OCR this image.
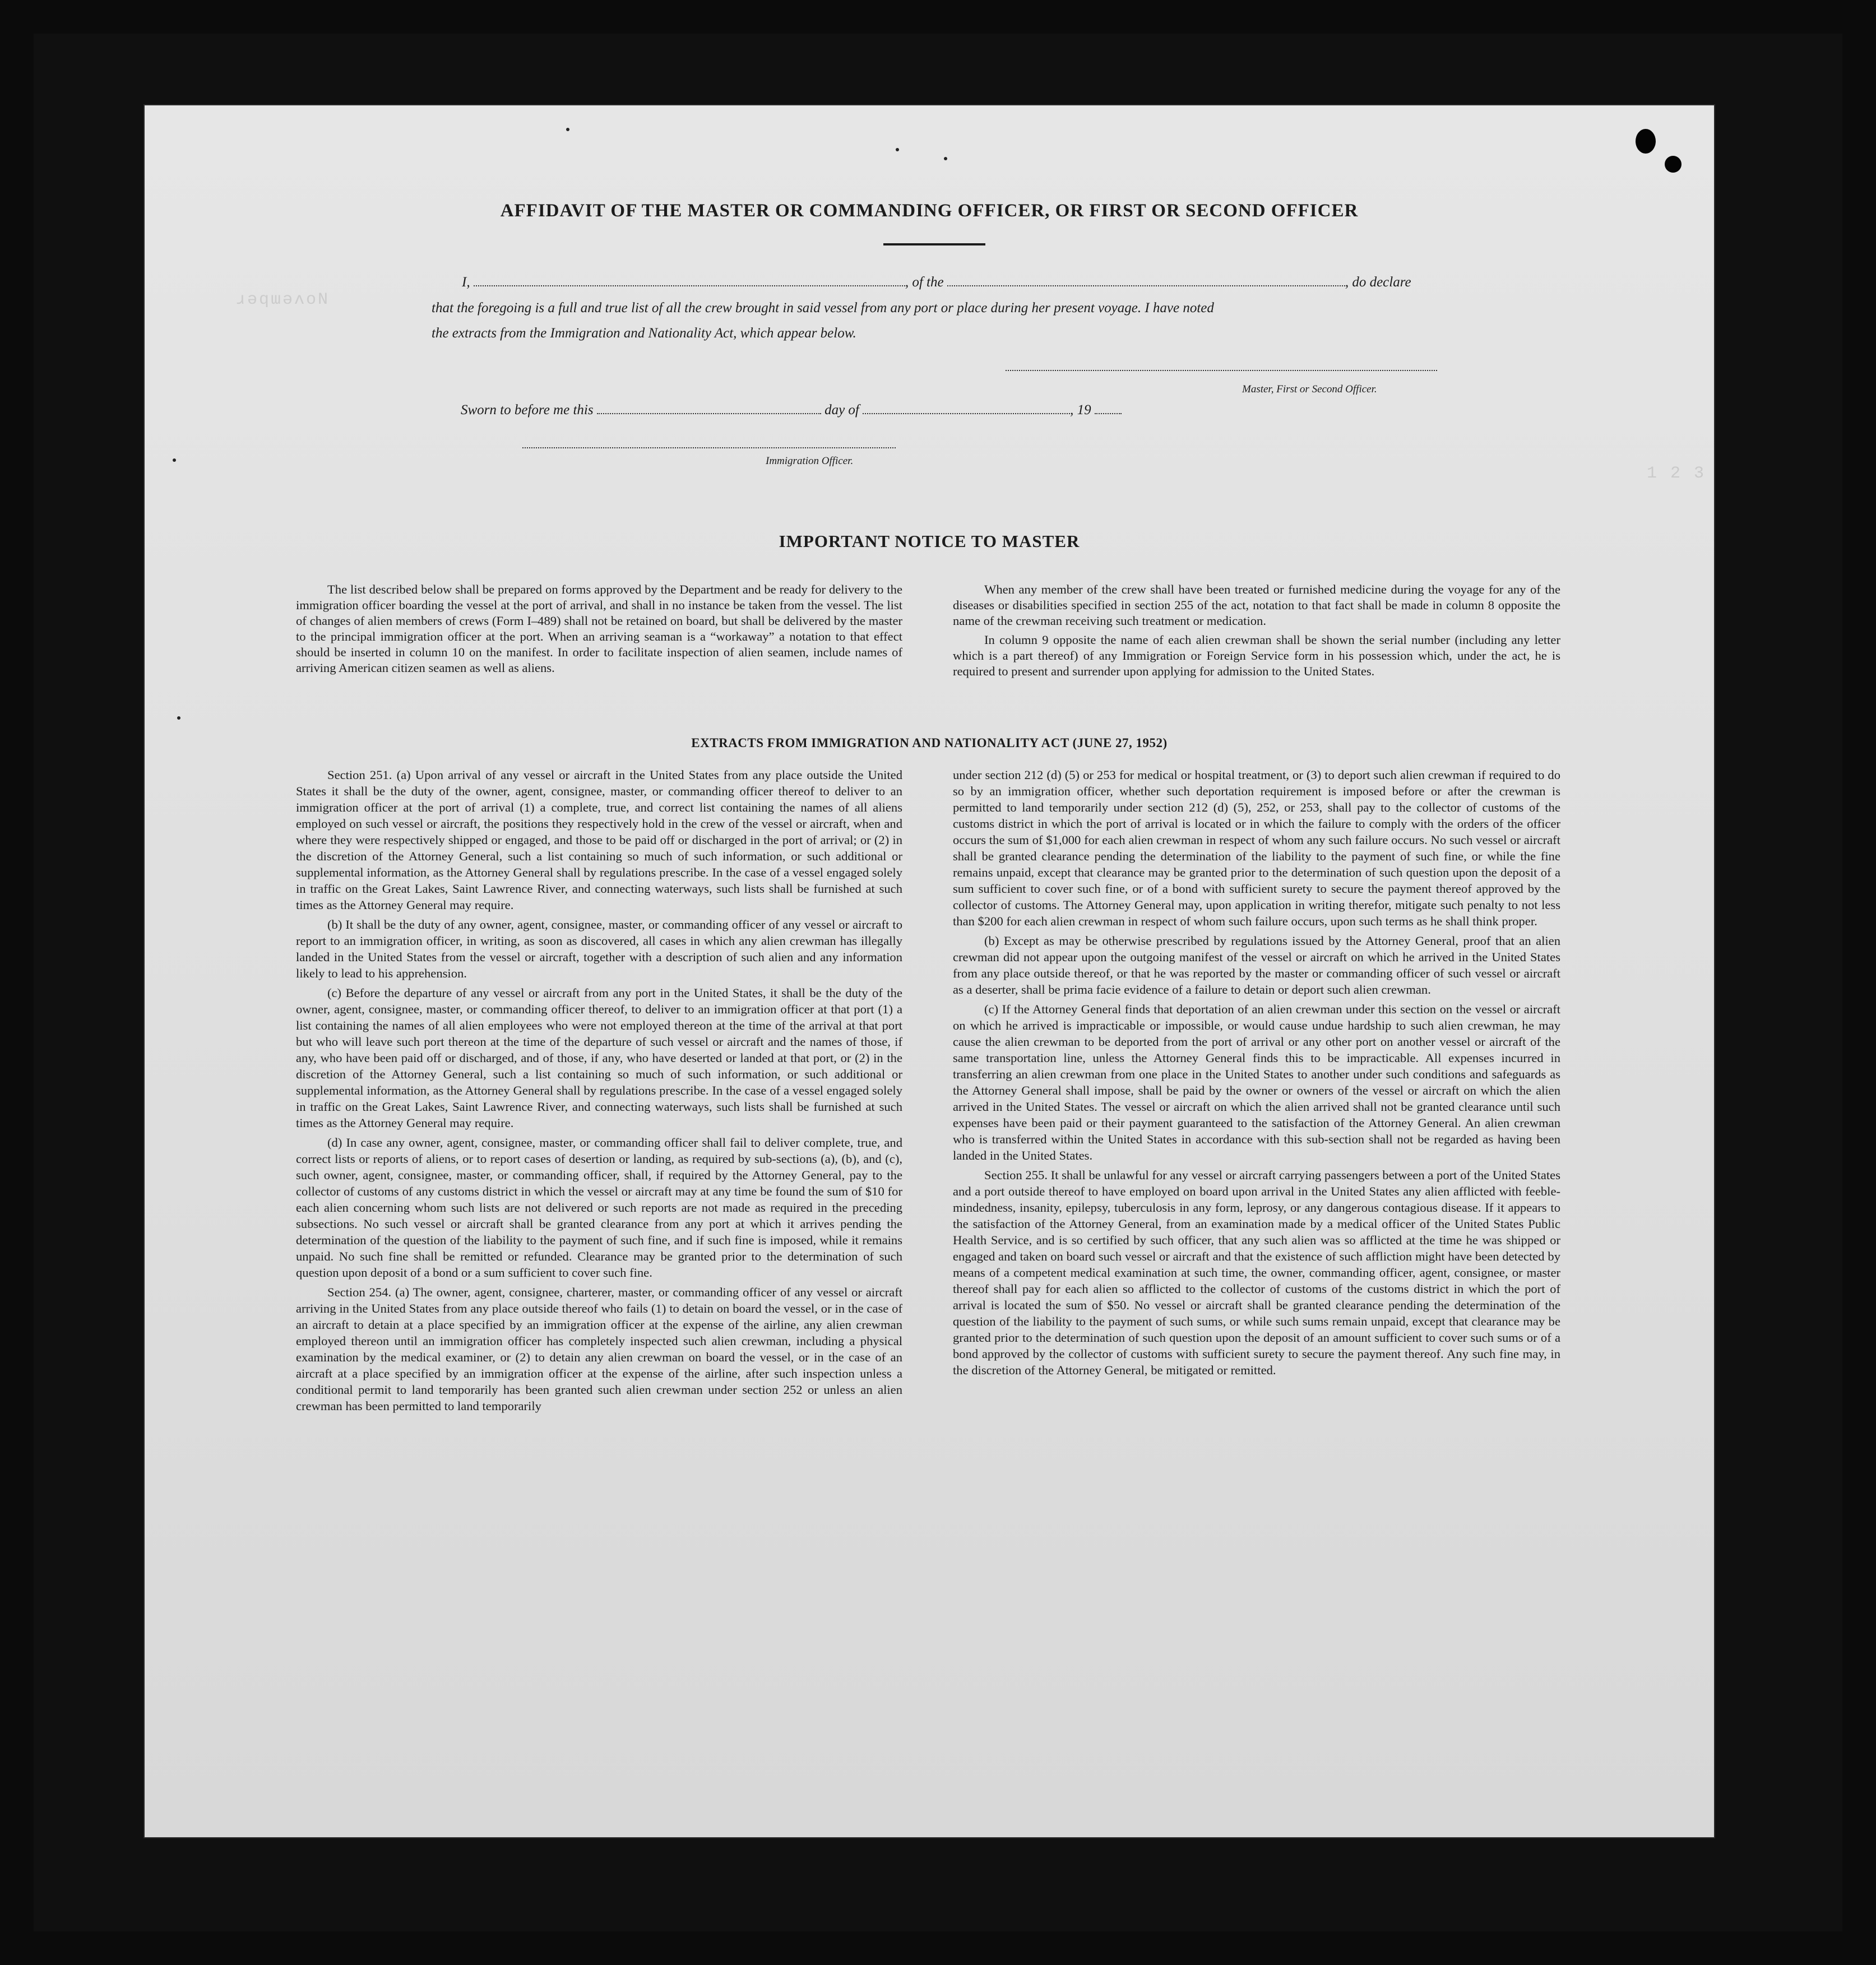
ɹǝqɯǝʌoN
1 2 3
AFFIDAVIT OF THE MASTER OR COMMANDING OFFICER, OR FIRST OR SECOND OFFICER
I,	, of the	, do declare
that the foregoing is a full and true list of all the crew brought in said vessel from any port or place during her present voyage. I have noted
the extracts from the Immigration and Nationality Act, which appear below.
Master, First or Second Officer.
Sworn to before me this	day of	, 19
Immigration Officer.
IMPORTANT NOTICE TO MASTER

The list described below shall be prepared on forms approved by the Department and be ready for delivery to the immigration officer boarding the vessel at the port of arrival, and shall in no instance be taken from the vessel. The list of changes of alien members of crews (Form I–489) shall not be retained on board, but shall be delivered by the master to the principal immigration officer at the port. When an arriving seaman is a “workaway” a notation to that effect should be inserted in column 10 on the manifest. In order to facilitate inspection of alien seamen, include names of arriving American citizen seamen as well as aliens.

When any member of the crew shall have been treated or furnished medicine during the voyage for any of the diseases or disabilities specified in section 255 of the act, notation to that fact shall be made in column 8 opposite the name of the crewman receiving such treatment or medication.

In column 9 opposite the name of each alien crewman shall be shown the serial number (including any letter which is a part thereof) of any Immigration or Foreign Service form in his possession which, under the act, he is required to present and surrender upon applying for admission to the United States.

EXTRACTS FROM IMMIGRATION AND NATIONALITY ACT (JUNE 27, 1952)

Section 251. (a) Upon arrival of any vessel or aircraft in the United States from any place outside the United States it shall be the duty of the owner, agent, consignee, master, or commanding officer thereof to deliver to an immigration officer at the port of arrival (1) a complete, true, and correct list containing the names of all aliens employed on such vessel or aircraft, the positions they respectively hold in the crew of the vessel or aircraft, when and where they were respectively shipped or engaged, and those to be paid off or discharged in the port of arrival; or (2) in the discretion of the Attorney General, such a list containing so much of such information, or such additional or supplemental information, as the Attorney General shall by regulations prescribe. In the case of a vessel engaged solely in traffic on the Great Lakes, Saint Lawrence River, and connecting waterways, such lists shall be furnished at such times as the Attorney General may require.

(b) It shall be the duty of any owner, agent, consignee, master, or commanding officer of any vessel or aircraft to report to an immigration officer, in writing, as soon as discovered, all cases in which any alien crewman has illegally landed in the United States from the vessel or aircraft, together with a description of such alien and any information likely to lead to his apprehension.

(c) Before the departure of any vessel or aircraft from any port in the United States, it shall be the duty of the owner, agent, consignee, master, or commanding officer thereof, to deliver to an immigration officer at that port (1) a list containing the names of all alien employees who were not employed thereon at the time of the arrival at that port but who will leave such port thereon at the time of the departure of such vessel or aircraft and the names of those, if any, who have been paid off or discharged, and of those, if any, who have deserted or landed at that port, or (2) in the discretion of the Attorney General, such a list containing so much of such information, or such additional or supplemental information, as the Attorney General shall by regulations prescribe. In the case of a vessel engaged solely in traffic on the Great Lakes, Saint Lawrence River, and connecting waterways, such lists shall be furnished at such times as the Attorney General may require.

(d) In case any owner, agent, consignee, master, or commanding officer shall fail to deliver complete, true, and correct lists or reports of aliens, or to report cases of desertion or landing, as required by sub-sections (a), (b), and (c), such owner, agent, consignee, master, or commanding officer, shall, if required by the Attorney General, pay to the collector of customs of any customs district in which the vessel or aircraft may at any time be found the sum of $10 for each alien concerning whom such lists are not delivered or such reports are not made as required in the preceding subsections. No such vessel or aircraft shall be granted clearance from any port at which it arrives pending the determination of the question of the liability to the payment of such fine, and if such fine is imposed, while it remains unpaid. No such fine shall be remitted or refunded. Clearance may be granted prior to the determination of such question upon deposit of a bond or a sum sufficient to cover such fine.

Section 254. (a) The owner, agent, consignee, charterer, master, or commanding officer of any vessel or aircraft arriving in the United States from any place outside thereof who fails (1) to detain on board the vessel, or in the case of an aircraft to detain at a place specified by an immigration officer at the expense of the airline, any alien crewman employed thereon until an immigration officer has completely inspected such alien crewman, including a physical examination by the medical examiner, or (2) to detain any alien crewman on board the vessel, or in the case of an aircraft at a place specified by an immigration officer at the expense of the airline, after such inspection unless a conditional permit to land temporarily has been granted such alien crewman under section 252 or unless an alien crewman has been permitted to land temporarily

under section 212 (d) (5) or 253 for medical or hospital treatment, or (3) to deport such alien crewman if required to do so by an immigration officer, whether such deportation requirement is imposed before or after the crewman is permitted to land temporarily under section 212 (d) (5), 252, or 253, shall pay to the collector of customs of the customs district in which the port of arrival is located or in which the failure to comply with the orders of the officer occurs the sum of $1,000 for each alien crewman in respect of whom any such failure occurs. No such vessel or aircraft shall be granted clearance pending the determination of the liability to the payment of such fine, or while the fine remains unpaid, except that clearance may be granted prior to the determination of such question upon the deposit of a sum sufficient to cover such fine, or of a bond with sufficient surety to secure the payment thereof approved by the collector of customs. The Attorney General may, upon application in writing therefor, mitigate such penalty to not less than $200 for each alien crewman in respect of whom such failure occurs, upon such terms as he shall think proper.

(b) Except as may be otherwise prescribed by regulations issued by the Attorney General, proof that an alien crewman did not appear upon the outgoing manifest of the vessel or aircraft on which he arrived in the United States from any place outside thereof, or that he was reported by the master or commanding officer of such vessel or aircraft as a deserter, shall be prima facie evidence of a failure to detain or deport such alien crewman.

(c) If the Attorney General finds that deportation of an alien crewman under this section on the vessel or aircraft on which he arrived is impracticable or impossible, or would cause undue hardship to such alien crewman, he may cause the alien crewman to be deported from the port of arrival or any other port on another vessel or aircraft of the same transportation line, unless the Attorney General finds this to be impracticable. All expenses incurred in transferring an alien crewman from one place in the United States to another under such conditions and safeguards as the Attorney General shall impose, shall be paid by the owner or owners of the vessel or aircraft on which the alien arrived in the United States. The vessel or aircraft on which the alien arrived shall not be granted clearance until such expenses have been paid or their payment guaranteed to the satisfaction of the Attorney General. An alien crewman who is transferred within the United States in accordance with this sub-section shall not be regarded as having been landed in the United States.

Section 255. It shall be unlawful for any vessel or aircraft carrying passengers between a port of the United States and a port outside thereof to have employed on board upon arrival in the United States any alien afflicted with feeble-mindedness, insanity, epilepsy, tuberculosis in any form, leprosy, or any dangerous contagious disease. If it appears to the satisfaction of the Attorney General, from an examination made by a medical officer of the United States Public Health Service, and is so certified by such officer, that any such alien was so afflicted at the time he was shipped or engaged and taken on board such vessel or aircraft and that the existence of such affliction might have been detected by means of a competent medical examination at such time, the owner, commanding officer, agent, consignee, or master thereof shall pay for each alien so afflicted to the collector of customs of the customs district in which the port of arrival is located the sum of $50. No vessel or aircraft shall be granted clearance pending the determination of the question of the liability to the payment of such sums, or while such sums remain unpaid, except that clearance may be granted prior to the determination of such question upon the deposit of an amount sufficient to cover such sums or of a bond approved by the collector of customs with sufficient surety to secure the payment thereof. Any such fine may, in the discretion of the Attorney General, be mitigated or remitted.
